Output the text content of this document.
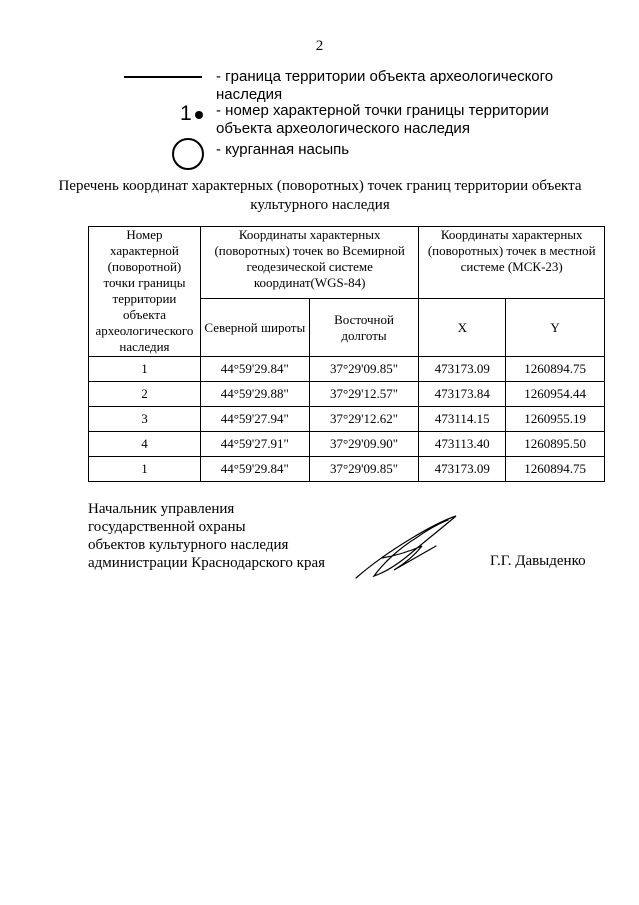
2
- граница территории объекта археологического наследия
1 - номер характерной точки границы территории объекта археологического наследия
- курганная насыпь
Перечень координат характерных (поворотных) точек границ территории объекта культурного наследия
Номер характерной (поворотной) точки границы территории объекта археологического наследия	Координаты характерных (поворотных) точек во Всемирной геодезической системе координат(WGS-84)		Координаты характерных (поворотных) точек в местной системе (МСК-23)	
	Северной широты	Восточной долготы	X	Y
1	44°59'29.84"	37°29'09.85"	473173.09	1260894.75
2	44°59'29.88"	37°29'12.57"	473173.84	1260954.44
3	44°59'27.94"	37°29'12.62"	473114.15	1260955.19
4	44°59'27.91"	37°29'09.90"	473113.40	1260895.50
1	44°59'29.84"	37°29'09.85"	473173.09	1260894.75
Начальник управления
государственной охраны
объектов культурного наследия
администрации Краснодарского края	Г.Г. Давыденко
